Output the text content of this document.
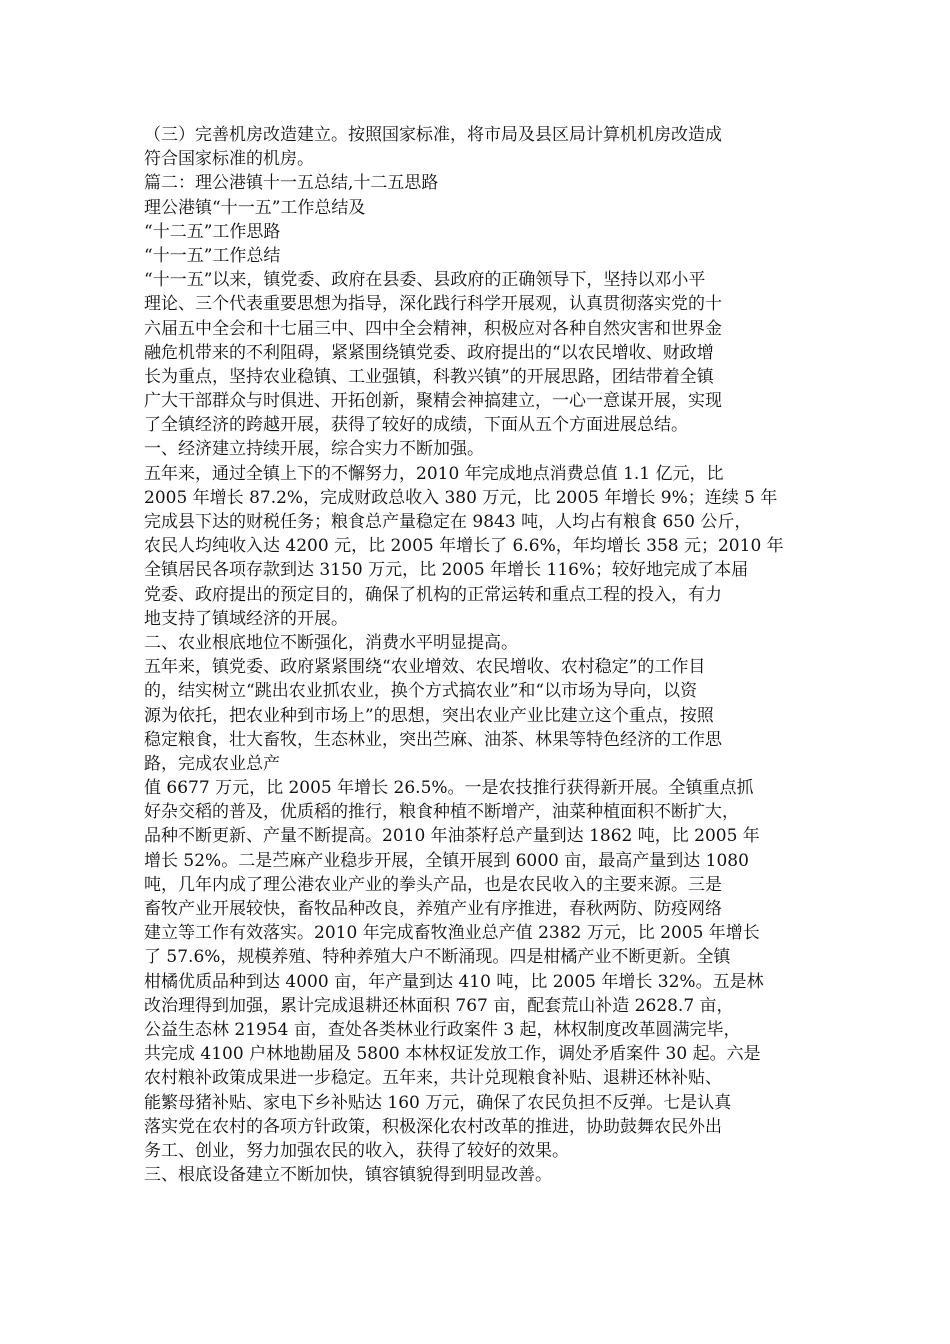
（三）完善机房改造建立。按照国家标准，将市局及县区局计算机机房改造成
符合国家标准的机房。
篇二：理公港镇十一五总结,十二五思路
理公港镇“十一五”工作总结及
“十二五”工作思路
“十一五”工作总结
“十一五”以来，镇党委、政府在县委、县政府的正确领导下，坚持以邓小平
理论、三个代表重要思想为指导，深化践行科学开展观，认真贯彻落实党的十
六届五中全会和十七届三中、四中全会精神，积极应对各种自然灾害和世界金
融危机带来的不利阻碍，紧紧围绕镇党委、政府提出的“以农民增收、财政增
长为重点，坚持农业稳镇、工业强镇，科教兴镇”的开展思路，团结带着全镇
广大干部群众与时俱进、开拓创新，聚精会神搞建立，一心一意谋开展，实现
了全镇经济的跨越开展，获得了较好的成绩，下面从五个方面进展总结。
一、经济建立持续开展，综合实力不断加强。
五年来，通过全镇上下的不懈努力，2010 年完成地点消费总值 1.1 亿元，比
2005 年增长 87.2%，完成财政总收入 380 万元，比 2005 年增长 9%；连续 5 年
完成县下达的财税任务；粮食总产量稳定在 9843 吨，人均占有粮食 650 公斤，
农民人均纯收入达 4200 元，比 2005 年增长了 6.6%，年均增长 358 元；2010 年
全镇居民各项存款到达 3150 万元，比 2005 年增长 116%；较好地完成了本届
党委、政府提出的预定目的，确保了机构的正常运转和重点工程的投入，有力
地支持了镇域经济的开展。
二、农业根底地位不断强化，消费水平明显提高。
五年来，镇党委、政府紧紧围绕“农业增效、农民增收、农村稳定”的工作目
的，结实树立“跳出农业抓农业，换个方式搞农业”和“以市场为导向，以资
源为依托，把农业种到市场上”的思想，突出农业产业比建立这个重点，按照
稳定粮食，壮大畜牧，生态林业，突出苎麻、油茶、林果等特色经济的工作思
路，完成农业总产
值 6677 万元，比 2005 年增长 26.5%。一是农技推行获得新开展。全镇重点抓
好杂交稻的普及，优质稻的推行，粮食种植不断增产，油菜种植面积不断扩大，
品种不断更新、产量不断提高。2010 年油茶籽总产量到达 1862 吨，比 2005 年
增长 52%。二是苎麻产业稳步开展，全镇开展到 6000 亩，最高产量到达 1080
吨，几年内成了理公港农业产业的拳头产品，也是农民收入的主要来源。三是
畜牧产业开展较快，畜牧品种改良，养殖产业有序推进，春秋两防、防疫网络
建立等工作有效落实。2010 年完成畜牧渔业总产值 2382 万元，比 2005 年增长
了 57.6%，规模养殖、特种养殖大户不断涌现。四是柑橘产业不断更新。全镇
柑橘优质品种到达 4000 亩，年产量到达 410 吨，比 2005 年增长 32%。五是林
改治理得到加强，累计完成退耕还林面积 767 亩，配套荒山补造 2628.7 亩，
公益生态林 21954 亩，查处各类林业行政案件 3 起，林权制度改革圆满完毕，
共完成 4100 户林地勘届及 5800 本林权证发放工作，调处矛盾案件 30 起。六是
农村粮补政策成果进一步稳定。五年来，共计兑现粮食补贴、退耕还林补贴、
能繁母猪补贴、家电下乡补贴达 160 万元，确保了农民负担不反弹。七是认真
落实党在农村的各项方针政策，积极深化农村改革的推进，协助鼓舞农民外出
务工、创业，努力加强农民的收入，获得了较好的效果。
三、根底设备建立不断加快，镇容镇貌得到明显改善。
